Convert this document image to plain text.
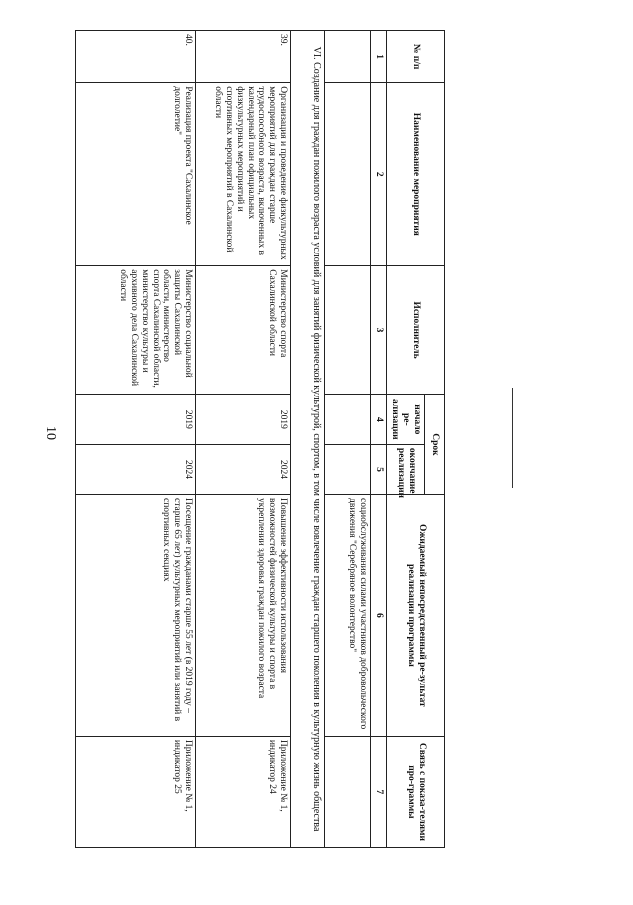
10
№ п/п	Наименование мероприятия	Исполнитель	Срок		Ожидаемый непосредственный ре-зультат реализации программы	Связь с показа-телями про-граммы
			начало ре-ализации	окончание реализации		
1	2	3	4	5	6	7
					социобслуживания силами участников добровольческого движения "Серебряное волонтерство"	
VI. Создание для граждан пожилого возраста условий для занятий физической культурой, спортом, в том числе вовлечение граждан старшего поколения в культурную жизнь общества						
39.	Организация и проведение физкультурных мероприятий для граждан старше трудоспособного возраста, включенных в календарный план официальных физкультурных мероприятий и спортивных мероприятий в Сахалинской области	Министерство спорта Сахалинской области	2019	2024	Повышение эффективности использования возможностей физической культуры и спорта в укреплении здоровья граждан пожилого возраста	Приложение № 1, индикатор 24
40.	Реализация проекта "Сахалинское долголетие"	Министерство социальной защиты Сахалинской области, министерство спорта Сахалинской области, министерство культуры и архивного дела Сахалинской области	2019	2024	Посещение гражданами старше 55 лет (в 2019 году – старше 65 лет) культурных мероприятий или занятий в спортивных секциях	Приложение № 1, индикатор 25
